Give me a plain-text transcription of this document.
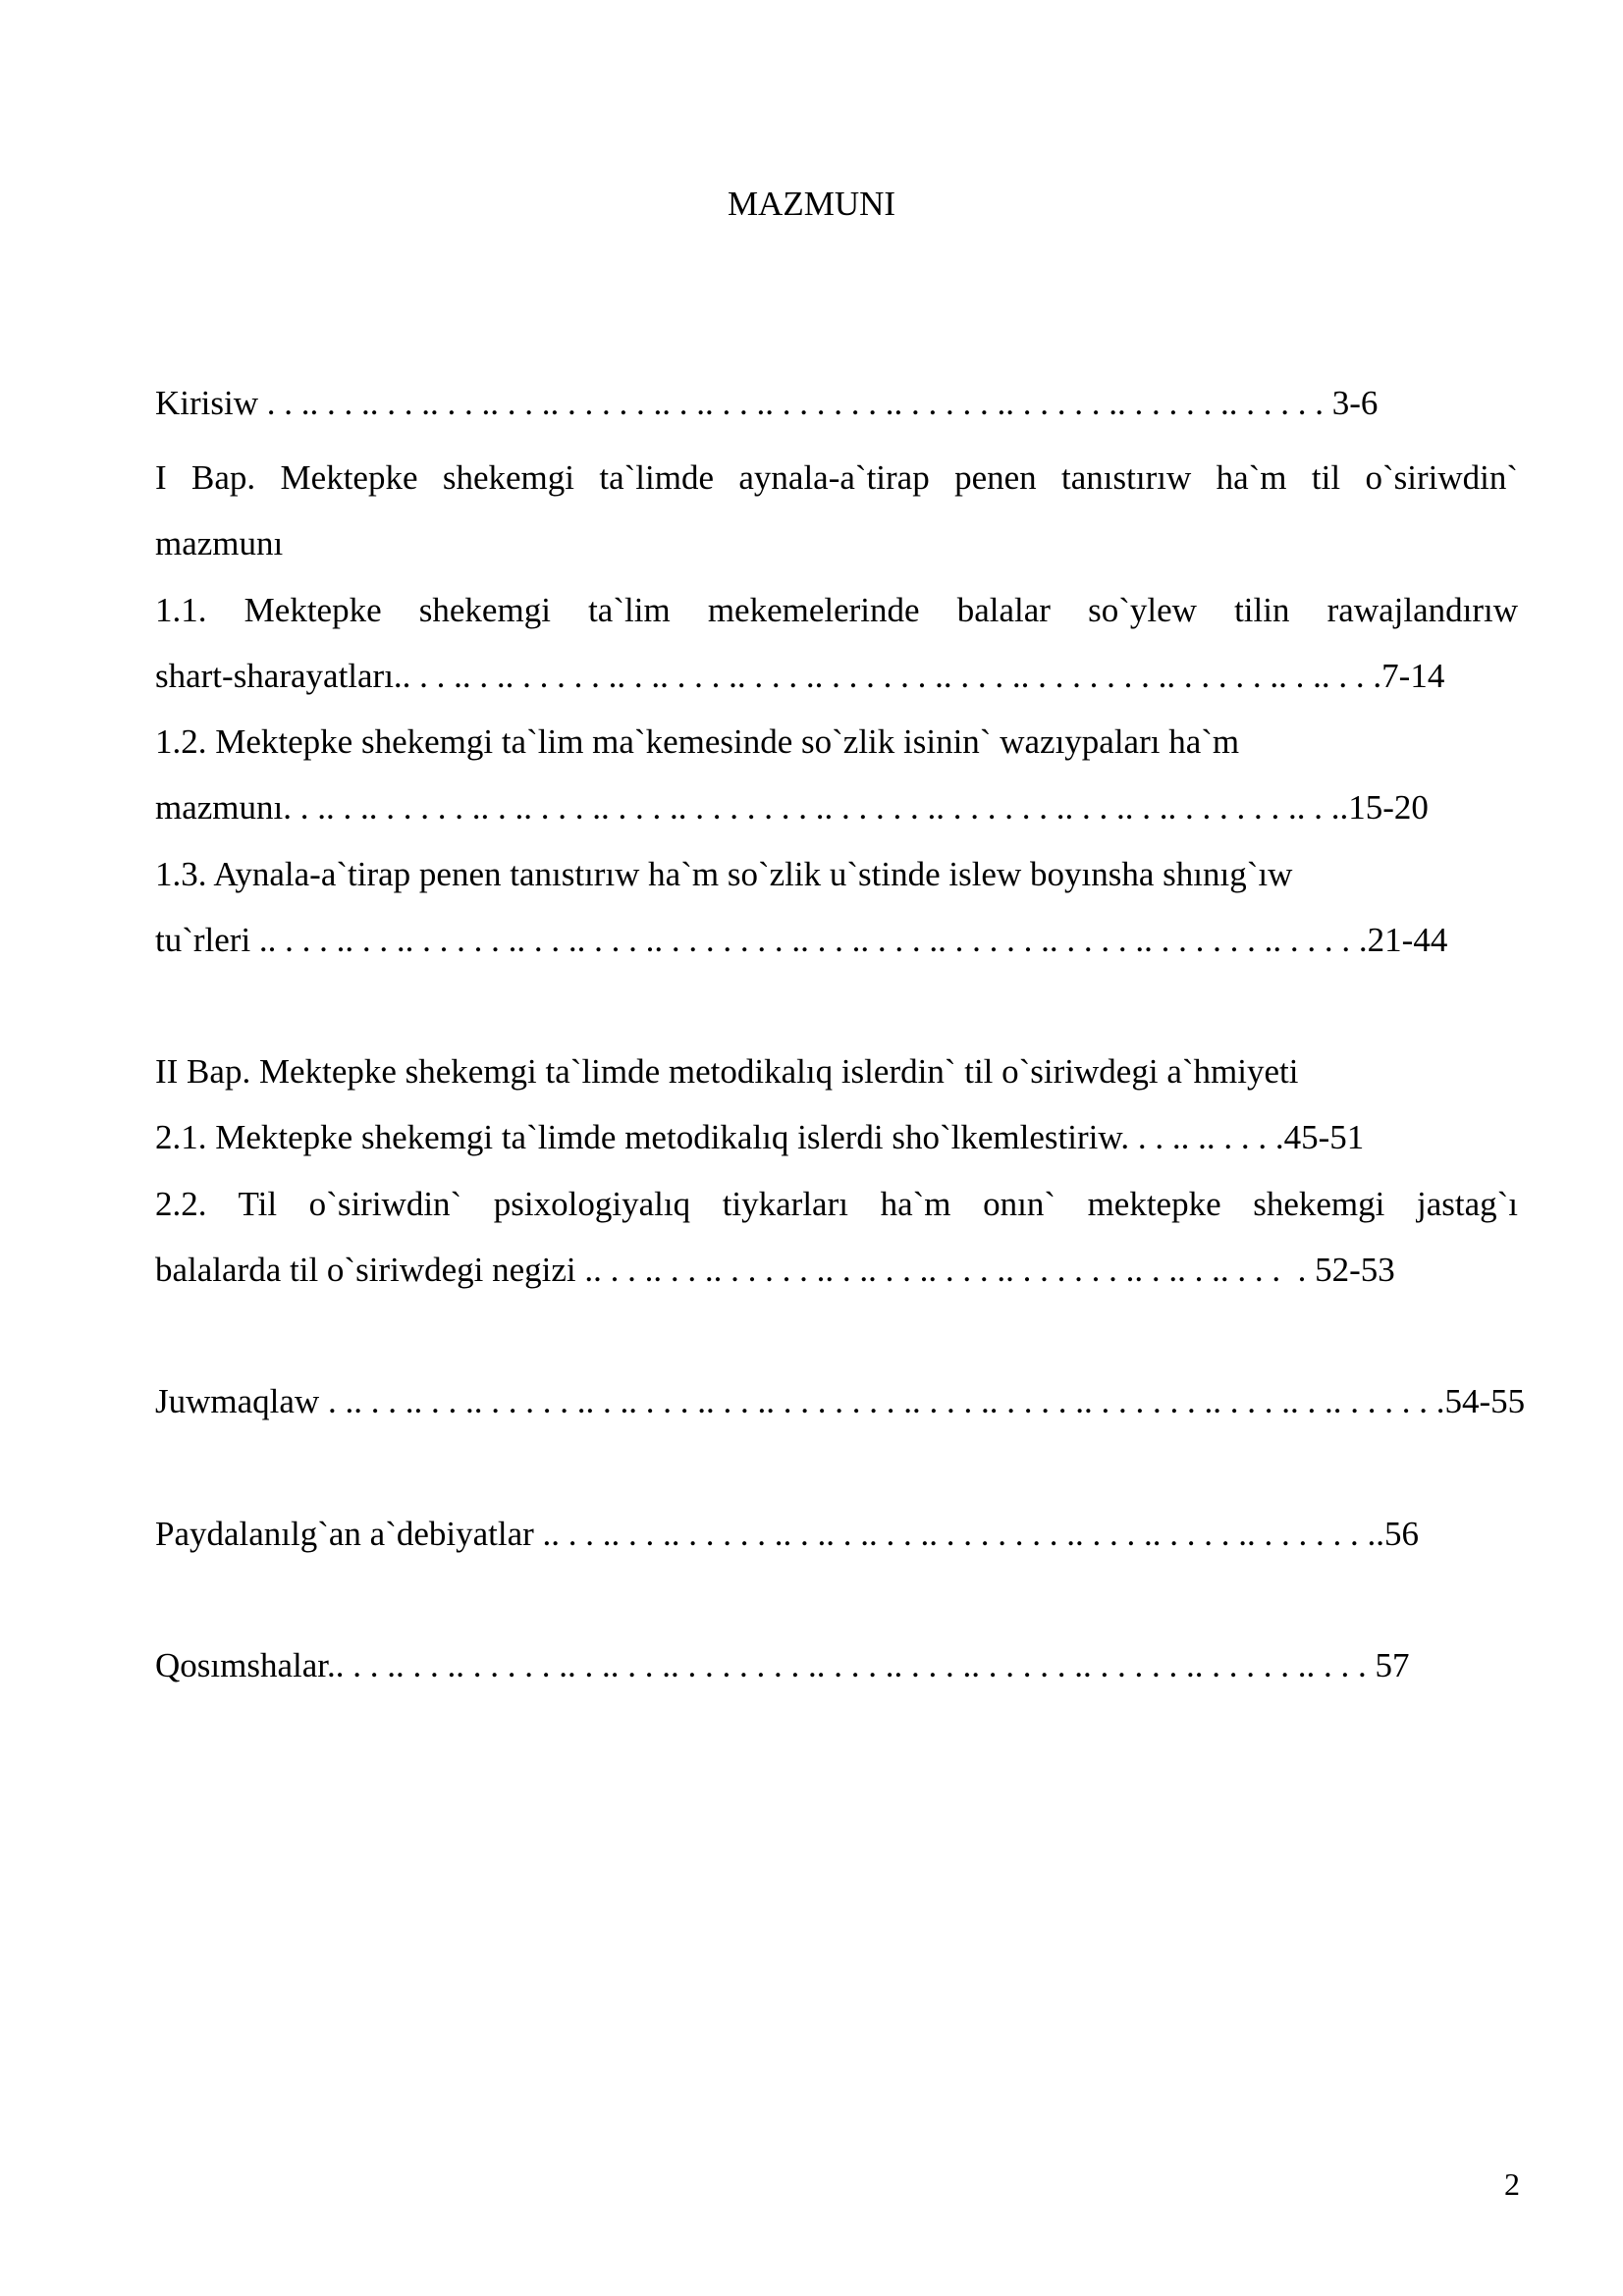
MAZMUNI
Kirisiw . . .. . . .. . . .. . . .. . . .. . . . . . .. . .. . . .. . . . . . . .. . . . . . .. . . . . . .. . . . . . .. . . . . . 3-6
I Bap. Mektepke shekemgi ta`limde aynala-a`tirap penen tanıstırıw ha`m til o`siriwdin`
mazmunı
1.1. Mektepke shekemgi ta`lim mekemelerinde balalar so`ylew tilin rawajlandırıw
shart-sharayatları.. . . .. . .. . . . . . .. . .. . . . .. . . . .. . . . . . . .. . . . .. . . . . . . . .. . . . . . .. . .. . . .7-14
1.2. Mektepke shekemgi ta`lim ma`kemesinde so`zlik isinin` wazıypaları ha`m
mazmunı. . .. . .. . . . . . .. . .. . . . .. . . . .. . . . . . . . .. . . . . . .. . . . . . . .. . . .. . .. . . . . . . .. . ..15-20
1.3. Aynala-a`tirap penen tanıstırıw ha`m so`zlik u`stinde islew boyınsha shınıg`ıw
tu`rleri .. . . . .. . . .. . . . . . .. . . .. . . . .. . . . . . . . .. . . .. . . . .. . . . . . .. . . . . .. . . . . . . .. . . . . .21-44
II Bap. Mektepke shekemgi ta`limde metodikalıq islerdin` til o`siriwdegi a`hmiyeti
2.1. Mektepke shekemgi ta`limde metodikalıq islerdi sho`lkemlestiriw. . . .. .. . . . .45-51
2.2. Til o`siriwdin` psixologiyalıq tiykarları ha`m onın` mektepke shekemgi jastag`ı
balalarda til o`siriwdegi negizi .. . . .. . . .. . . . . . .. . .. . . .. . . . .. . . . . . . .. . .. . .. . . .  . 52-53
Juwmaqlaw . .. . . .. . . .. . . . . . .. . .. . . . .. . . .. . . . . . . . .. . . . .. . . . . .. . . . . . . .. . . . .. . .. . . . . . .54-55
Paydalanılg`an a`debiyatlar .. . . .. . . .. . . . . . .. . .. . .. . . .. . . . . . . . .. . . . .. . . . . .. . . . . . . ..56
Qosımshalar.. . . .. . . .. . . . . . .. . .. . . .. . . . . . . . .. . . . .. . . . .. . . . . . .. . . . . . .. . . . . . .. . . . 57
2
